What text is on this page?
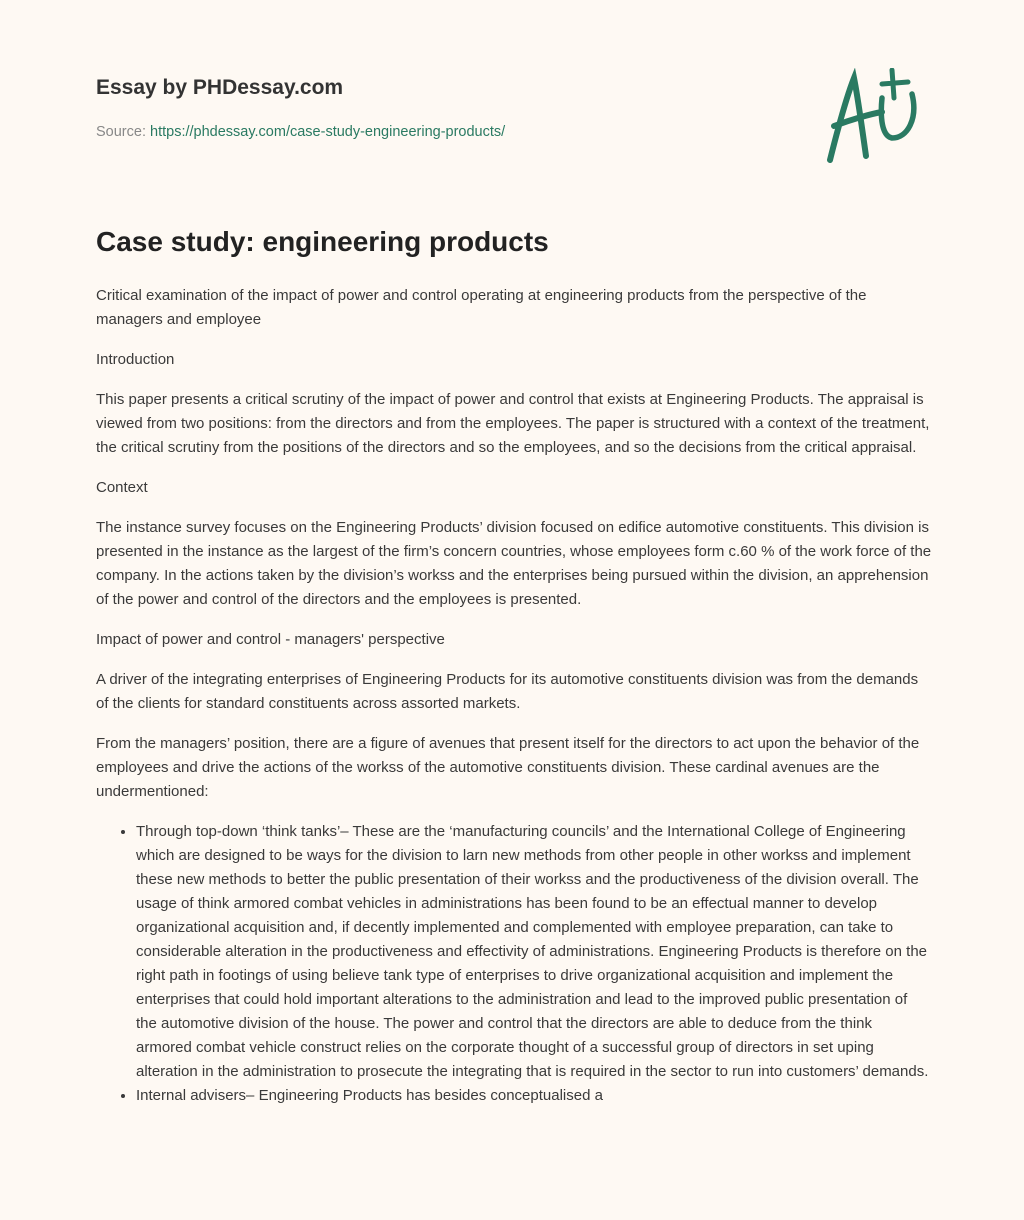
Essay by PHDessay.com

Source: https://phdessay.com/case-study-engineering-products/
Case study: engineering products

Critical examination of the impact of power and control operating at engineering products from the perspective of the managers and employee

Introduction

This paper presents a critical scrutiny of the impact of power and control that exists at Engineering Products. The appraisal is viewed from two positions: from the directors and from the employees. The paper is structured with a context of the treatment, the critical scrutiny from the positions of the directors and so the employees, and so the decisions from the critical appraisal.

Context

The instance survey focuses on the Engineering Products’ division focused on edifice automotive constituents. This division is presented in the instance as the largest of the firm’s concern countries, whose employees form c.60 % of the work force of the company. In the actions taken by the division’s workss and the enterprises being pursued within the division, an apprehension of the power and control of the directors and the employees is presented.

Impact of power and control - managers' perspective

A driver of the integrating enterprises of Engineering Products for its automotive constituents division was from the demands of the clients for standard constituents across assorted markets.

From the managers’ position, there are a figure of avenues that present itself for the directors to act upon the behavior of the employees and drive the actions of the workss of the automotive constituents division. These cardinal avenues are the undermentioned:

• Through top-down ‘think tanks’– These are the ‘manufacturing councils’ and the International College of Engineering which are designed to be ways for the division to larn new methods from other people in other workss and implement these new methods to better the public presentation of their workss and the productiveness of the division overall. The usage of think armored combat vehicles in administrations has been found to be an effectual manner to develop organizational acquisition and, if decently implemented and complemented with employee preparation, can take to considerable alteration in the productiveness and effectivity of administrations. Engineering Products is therefore on the right path in footings of using believe tank type of enterprises to drive organizational acquisition and implement the enterprises that could hold important alterations to the administration and lead to the improved public presentation of the automotive division of the house. The power and control that the directors are able to deduce from the think armored combat vehicle construct relies on the corporate thought of a successful group of directors in set uping alteration in the administration to prosecute the integrating that is required in the sector to run into customers’ demands.
• Internal advisers– Engineering Products has besides conceptualised a
